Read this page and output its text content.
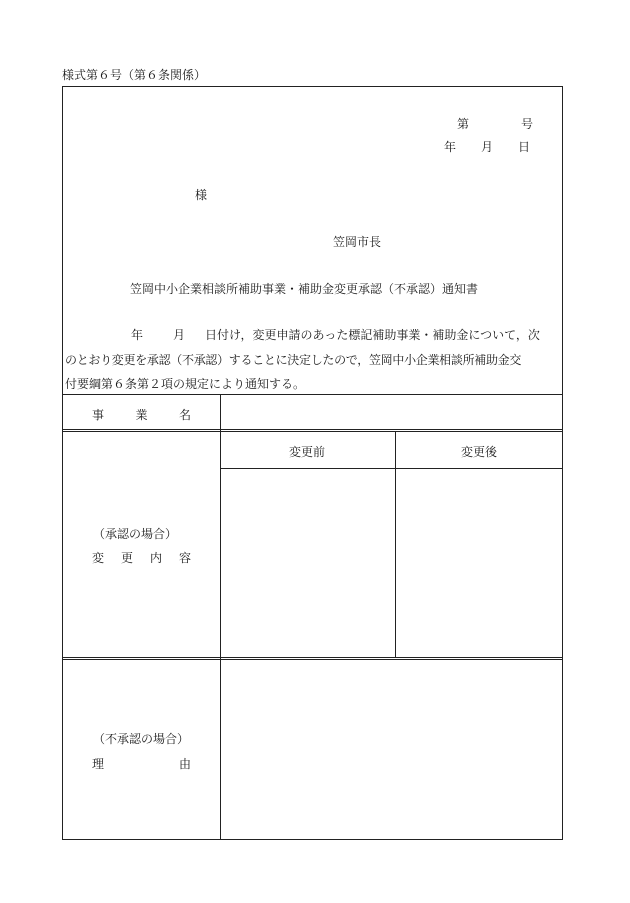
様式第６号（第６条関係）
第	号
年 月 日
様
笠岡市長
笠岡中小企業相談所補助事業・補助金変更承認（不承認）通知書
年 月 日付け，変更申請のあった標記補助事業・補助金について，次
のとおり変更を承認（不承認）することに決定したので，笠岡中小企業相談所補助金交
付要綱第６条第２項の規定により通知する。
事	業	名
変更前	変更後
（承認の場合）
変 更 内 容
（不承認の場合）
理	由
